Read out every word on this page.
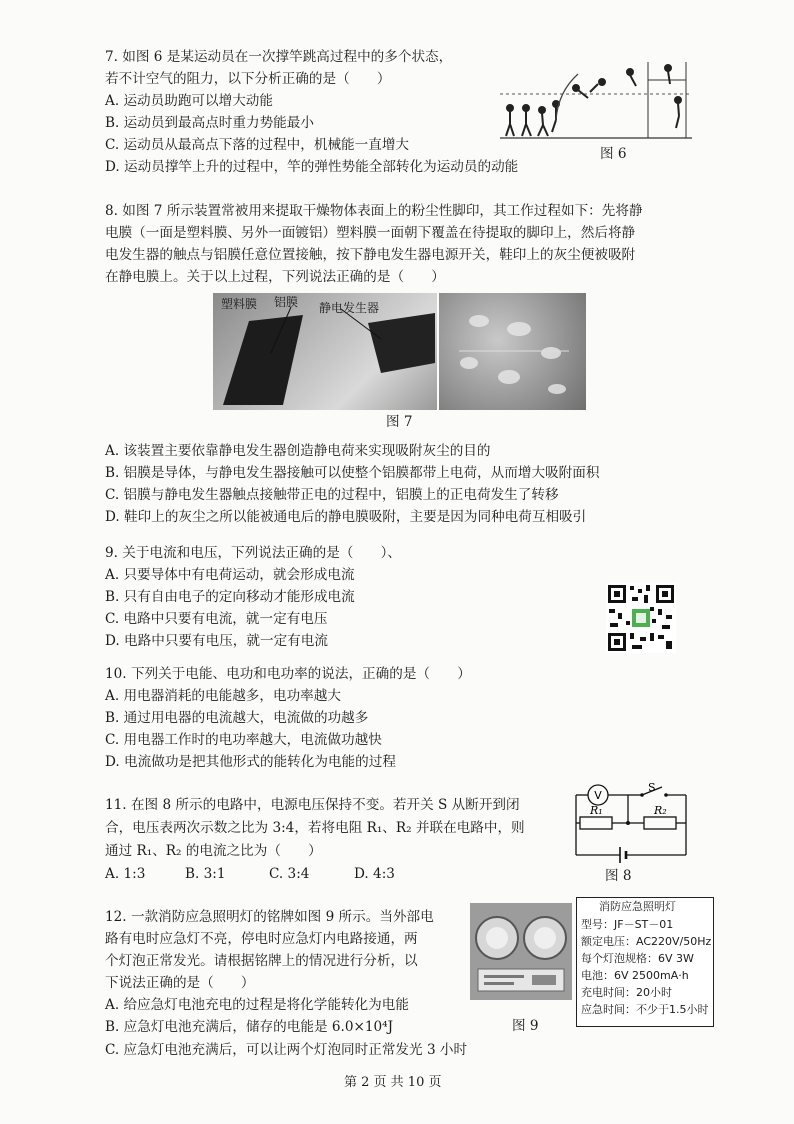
7. 如图 6 是某运动员在一次撑竿跳高过程中的多个状态，
若不计空气的阻力，以下分析正确的是（　　）
A. 运动员助跑可以增大动能
B. 运动员到最高点时重力势能最小
C. 运动员从最高点下落的过程中，机械能一直增大
D. 运动员撑竿上升的过程中，竿的弹性势能全部转化为运动员的动能
图 6
8. 如图 7 所示装置常被用来提取干燥物体表面上的粉尘性脚印，其工作过程如下：先将静
电膜（一面是塑料膜、另外一面镀铝）塑料膜一面朝下覆盖在待提取的脚印上，然后将静
电发生器的触点与铝膜任意位置接触，按下静电发生器电源开关，鞋印上的灰尘便被吸附
在静电膜上。关于以上过程，下列说法正确的是（　　）
塑料膜 铝膜 静电发生器
图 7
A. 该装置主要依靠静电发生器创造静电荷来实现吸附灰尘的目的
B. 铝膜是导体，与静电发生器接触可以使整个铝膜都带上电荷，从而增大吸附面积
C. 铝膜与静电发生器触点接触带正电的过程中，铝膜上的正电荷发生了转移
D. 鞋印上的灰尘之所以能被通电后的静电膜吸附，主要是因为同种电荷互相吸引
9. 关于电流和电压，下列说法正确的是（　　）、
A. 只要导体中有电荷运动，就会形成电流
B. 只有自由电子的定向移动才能形成电流
C. 电路中只要有电流，就一定有电压
D. 电路中只要有电压，就一定有电流
10. 下列关于电能、电功和电功率的说法，正确的是（　　）
A. 用电器消耗的电能越多，电功率越大
B. 通过用电器的电流越大，电流做的功越多
C. 用电器工作时的电功率越大，电流做功越快
D. 电流做功是把其他形式的能转化为电能的过程
11. 在图 8 所示的电路中，电源电压保持不变。若开关 S 从断开到闭
合，电压表两次示数之比为 3:4，若将电阻 R₁、R₂ 并联在电路中，则
通过 R₁、R₂ 的电流之比为（　　）
A. 1:3	B. 3:1	C. 3:4	D. 4:3
V
S
R₁	R₂
图 8
12. 一款消防应急照明灯的铭牌如图 9 所示。当外部电
路有电时应急灯不亮，停电时应急灯内电路接通，两
个灯泡正常发光。请根据铭牌上的情况进行分析，以
下说法正确的是（　　）
A. 给应急灯电池充电的过程是将化学能转化为电能
B. 应急灯电池充满后，储存的电能是 6.0×10⁴J
C. 应急灯电池充满后，可以让两个灯泡同时正常发光 3 小时
图 9
消防应急照明灯
型号：JF－ST－01
额定电压：AC220V/50Hz
每个灯泡规格：6V 3W
电池：6V 2500mA·h
充电时间：20小时
应急时间：不少于1.5小时
第 2 页 共 10 页
